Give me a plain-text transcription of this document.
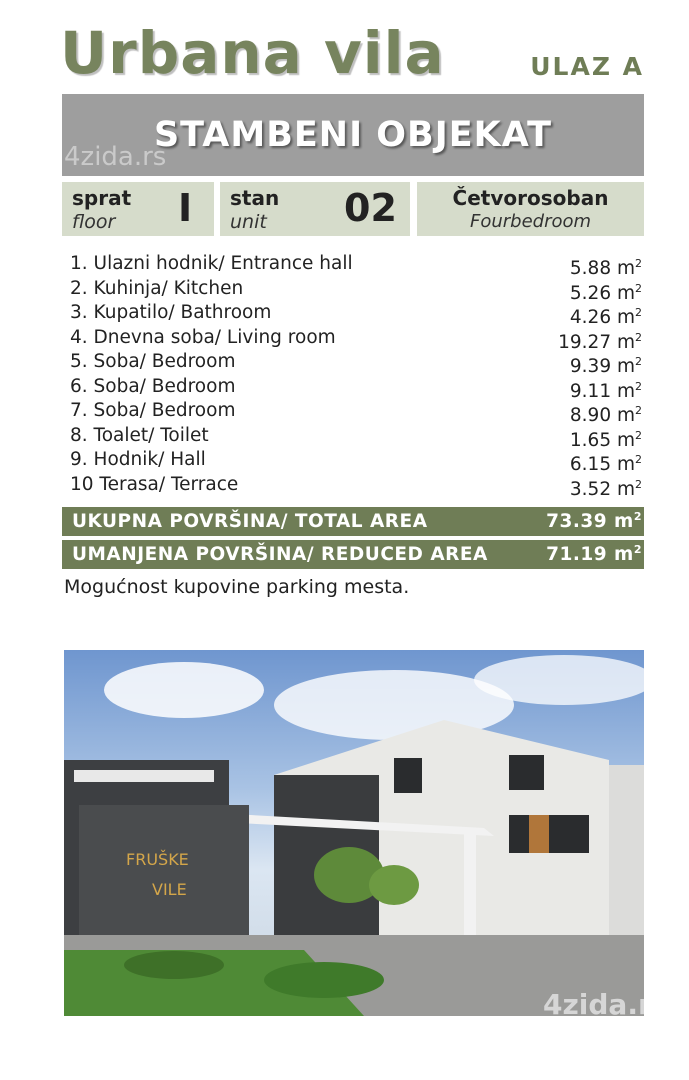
Urbana vila	ULAZ A
STAMBENI OBJEKAT
4zida.rs
sprat
floor I stan
unit 02	Četvorosoban
Fourbedroom
1. Ulazni hodnik/ Entrance hall	5.88 $m^2$
2. Kuhinja/ Kitchen	5.26 $m^2$
3. Kupatilo/ Bathroom	4.26 $m^2$
4. Dnevna soba/ Living room	19.27 $m^2$
5. Soba/ Bedroom	9.39 $m^2$
6. Soba/ Bedroom	9.11 $m^2$
7. Soba/ Bedroom	8.90 $m^2$
8. Toalet/ Toilet	1.65 $m^2$
9. Hodnik/ Hall	6.15 $m^2$
10 Terasa/ Terrace	3.52 $m^2$
UKUPNA POVRŠINA/ TOTAL AREA	73.39 $m^2$
UMANJENA POVRŠINA/ REDUCED AREA	71.19 $m^2$
Mogućnost kupovine parking mesta.
FRUŠKE
VILE
4zida.rs
